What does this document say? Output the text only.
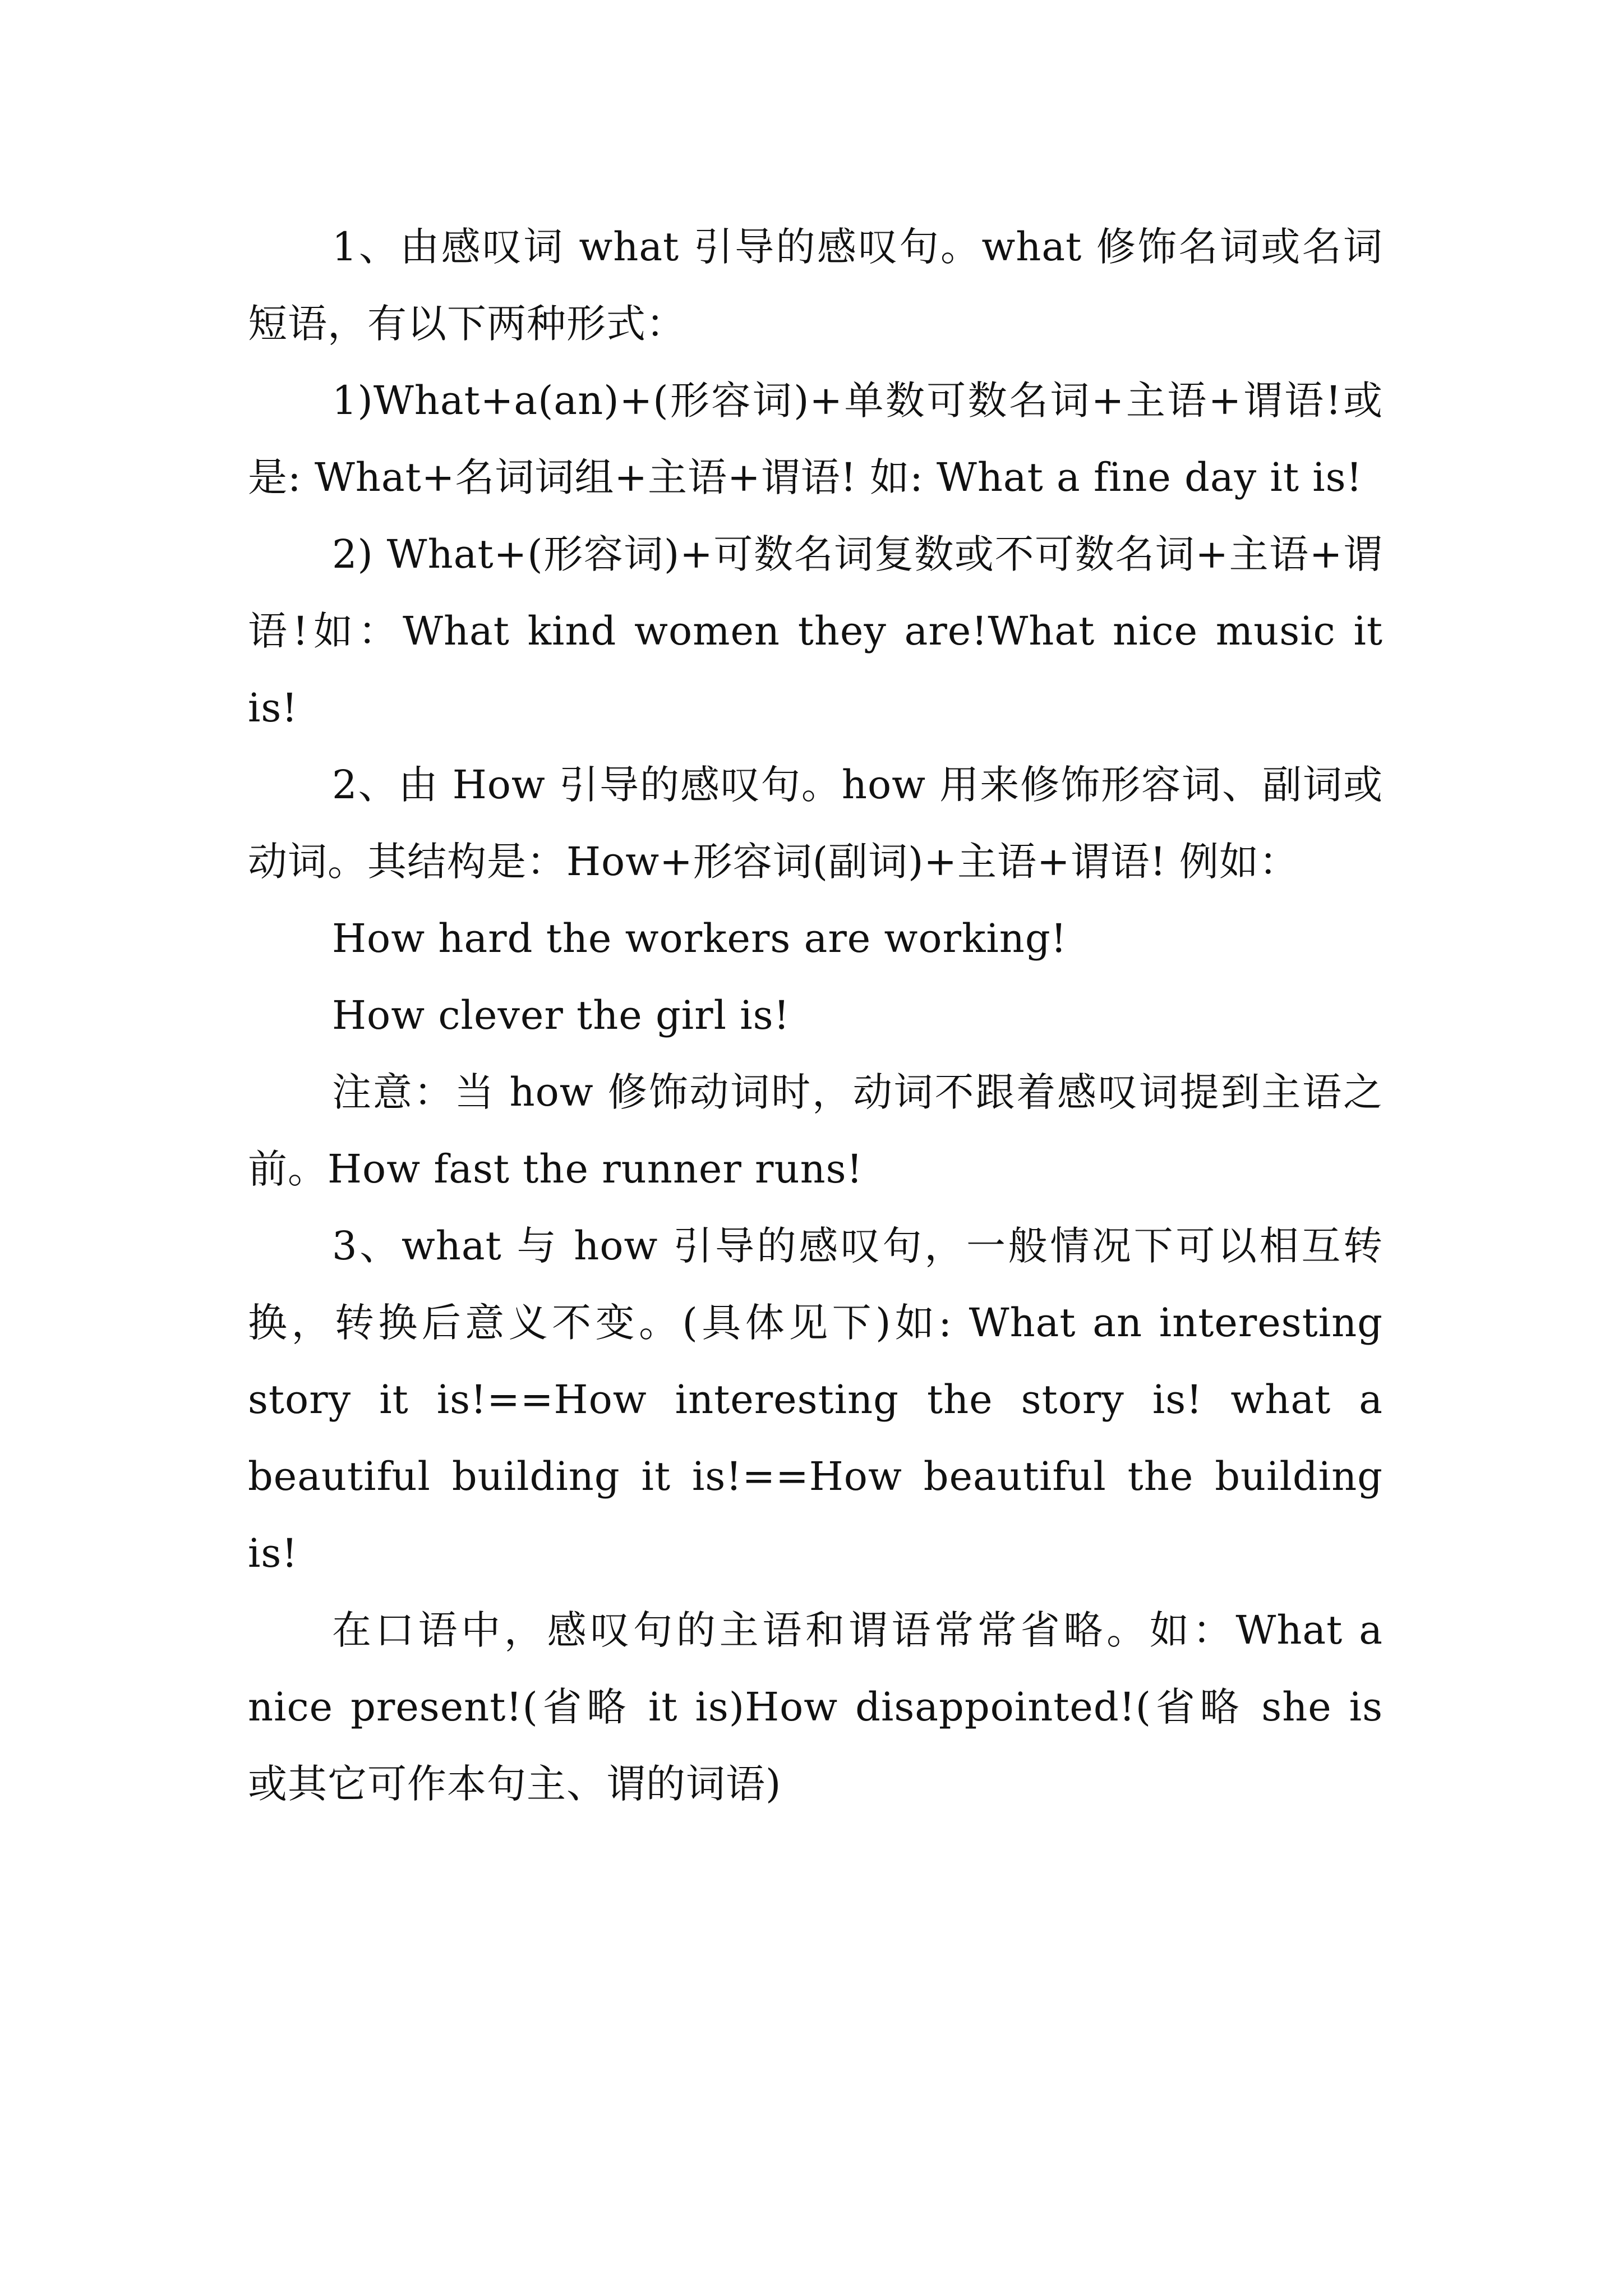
1、由感叹词 what 引导的感叹句。what 修饰名词或名词短语，有以下两种形式：

1)What+a(an)+(形容词)+单数可数名词+主语+谓语!或是: What+名词词组+主语+谓语! 如: What a fine day it is!

2) What+(形容词)+可数名词复数或不可数名词+主语+谓语!如：What kind women they are!What nice music it is!

2、由 How 引导的感叹句。how 用来修饰形容词、副词或动词。其结构是：How+形容词(副词)+主语+谓语! 例如：

How hard the workers are working!

How clever the girl is!

注意：当 how 修饰动词时，动词不跟着感叹词提到主语之前。How fast the runner runs!

3、what 与 how 引导的感叹句，一般情况下可以相互转换，转换后意义不变。(具体见下)如: What an interesting story it is!==How interesting the story is! what a beautiful building it is!==How beautiful the building is!

在口语中，感叹句的主语和谓语常常省略。如：What a nice present!(省略 it is)How disappointed!(省略 she is 或其它可作本句主、谓的词语)
